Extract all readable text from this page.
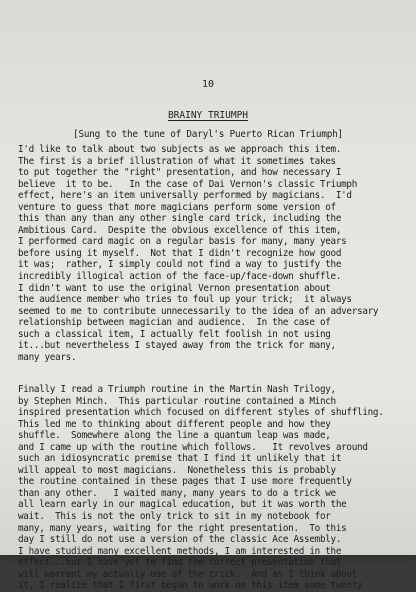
10
BRAINY TRIUMPH
[Sung to the tune of Daryl's Puerto Rican Triumph]
I'd like to talk about two subjects as we approach this item.
The first is a brief illustration of what it sometimes takes
to put together the "right" presentation, and how necessary I
believe  it to be.   In the case of Dai Vernon's classic Triumph
effect, here's an item universally performed by magicians.  I'd
venture to guess that more magicians perform some version of
this than any than any other single card trick, including the
Ambitious Card.  Despite the obvious excellence of this item,
I performed card magic on a regular basis for many, many years
before using it myself.  Not that I didn't recognize how good
it was;  rather, I simply could not find a way to justify the
incredibly illogical action of the face-up/face-down shuffle.
I didn't want to use the original Vernon presentation about
the audience member who tries to foul up your trick;  it always
seemed to me to contribute unnecessarily to the idea of an adversary
relationship between magician and audience.  In the case of
such a classical item, I actually felt foolish in not using
it...but nevertheless I stayed away from the trick for many,
many years.
Finally I read a Triumph routine in the Martin Nash Trilogy,
by Stephen Minch.  This particular routine contained a Minch
inspired presentation which focused on different styles of shuffling.
This led me to thinking about different people and how they
shuffle.  Somewhere along the line a quantum leap was made,
and I came up with the routine which follows.   It revolves around
such an idiosyncratic premise that I find it unlikely that it
will appeal to most magicians.  Nonetheless this is probably
the routine contained in these pages that I use more frequently
than any other.   I waited many, many years to do a trick we
all learn early in our magical education, but it was worth the
wait.  This is not the only trick to sit in my notebook for
many, many years, waiting for the right presentation.  To this
day I still do not use a version of the classic Ace Assembly.
I have studied many excellent methods, I am interested in the
effect...but I have yet to find the correct presentation that
will warrant my actually use of the trick.  And as I think about
it, I realize that I first began to work on this item some twenty
